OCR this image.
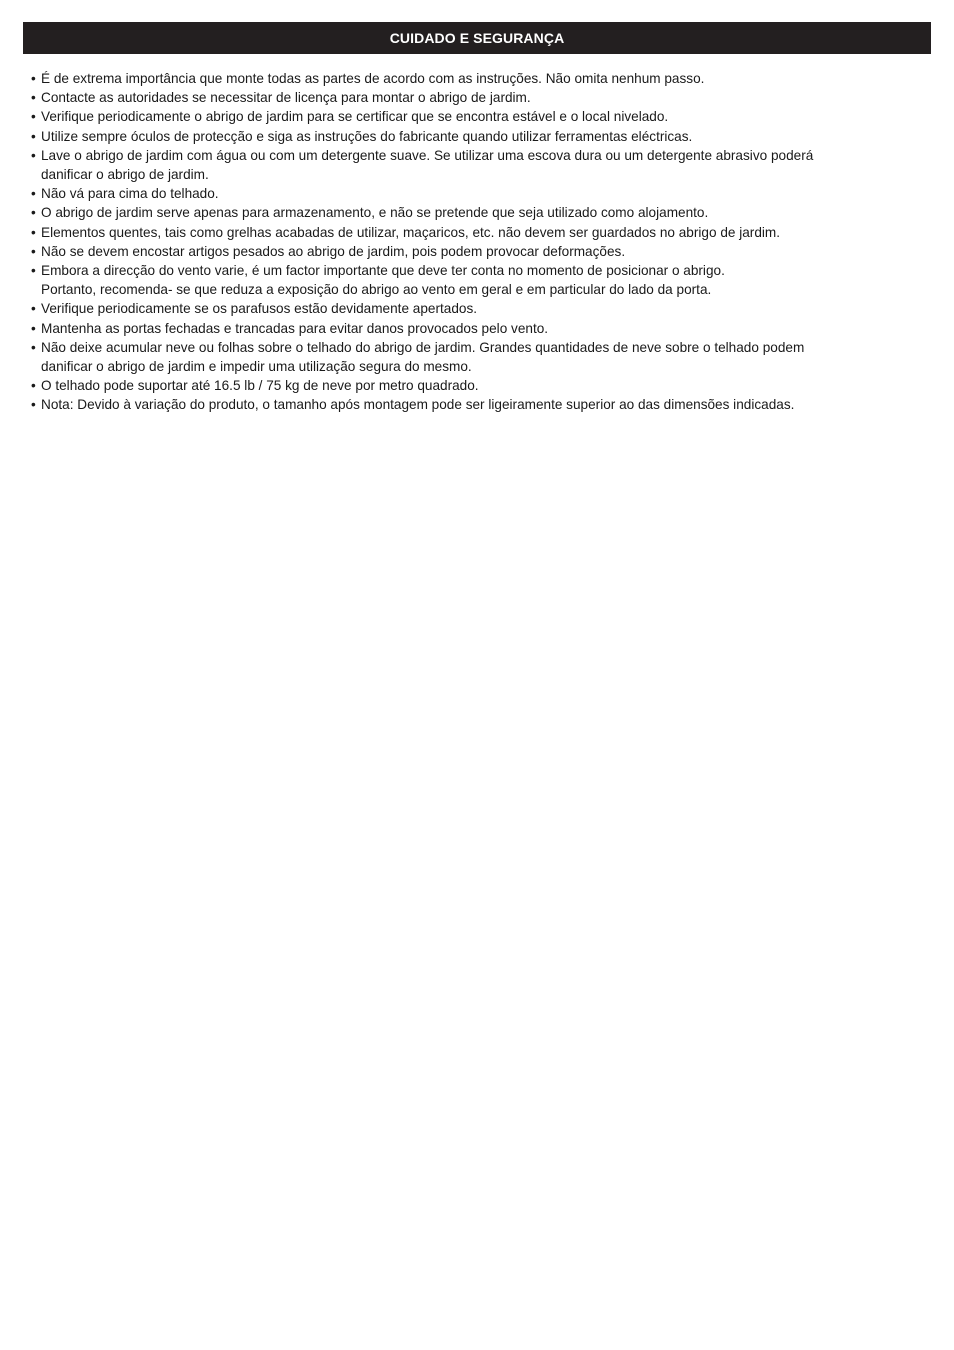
CUIDADO E SEGURANÇA
• É de extrema importância que monte todas as partes de acordo com as instruções. Não omita nenhum passo.
• Contacte as autoridades se necessitar de licença para montar o abrigo de jardim.
• Verifique periodicamente o abrigo de jardim para se certificar que se encontra estável e o local nivelado.
• Utilize sempre óculos de protecção e siga as instruções do fabricante quando utilizar ferramentas eléctricas.
• Lave o abrigo de jardim com água ou com um detergente suave. Se utilizar uma escova dura ou um detergente abrasivo poderá
danificar o abrigo de jardim.
• Não vá para cima do telhado.
• O abrigo de jardim serve apenas para armazenamento, e não se pretende que seja utilizado como alojamento.
• Elementos quentes, tais como grelhas acabadas de utilizar, maçaricos, etc. não devem ser guardados no abrigo de jardim.
• Não se devem encostar artigos pesados ao abrigo de jardim, pois podem provocar deformações.
• Embora a direcção do vento varie, é um factor importante que deve ter conta no momento de posicionar o abrigo.
Portanto, recomenda- se que reduza a exposição do abrigo ao vento em geral e em particular do lado da porta.
• Verifique periodicamente se os parafusos estão devidamente apertados.
• Mantenha as portas fechadas e trancadas para evitar danos provocados pelo vento.
• Não deixe acumular neve ou folhas sobre o telhado do abrigo de jardim. Grandes quantidades de neve sobre o telhado podem
danificar o abrigo de jardim e impedir uma utilização segura do mesmo.
• O telhado pode suportar até 16.5 lb / 75 kg de neve por metro quadrado.
• Nota: Devido à variação do produto, o tamanho após montagem pode ser ligeiramente superior ao das dimensões indicadas.
